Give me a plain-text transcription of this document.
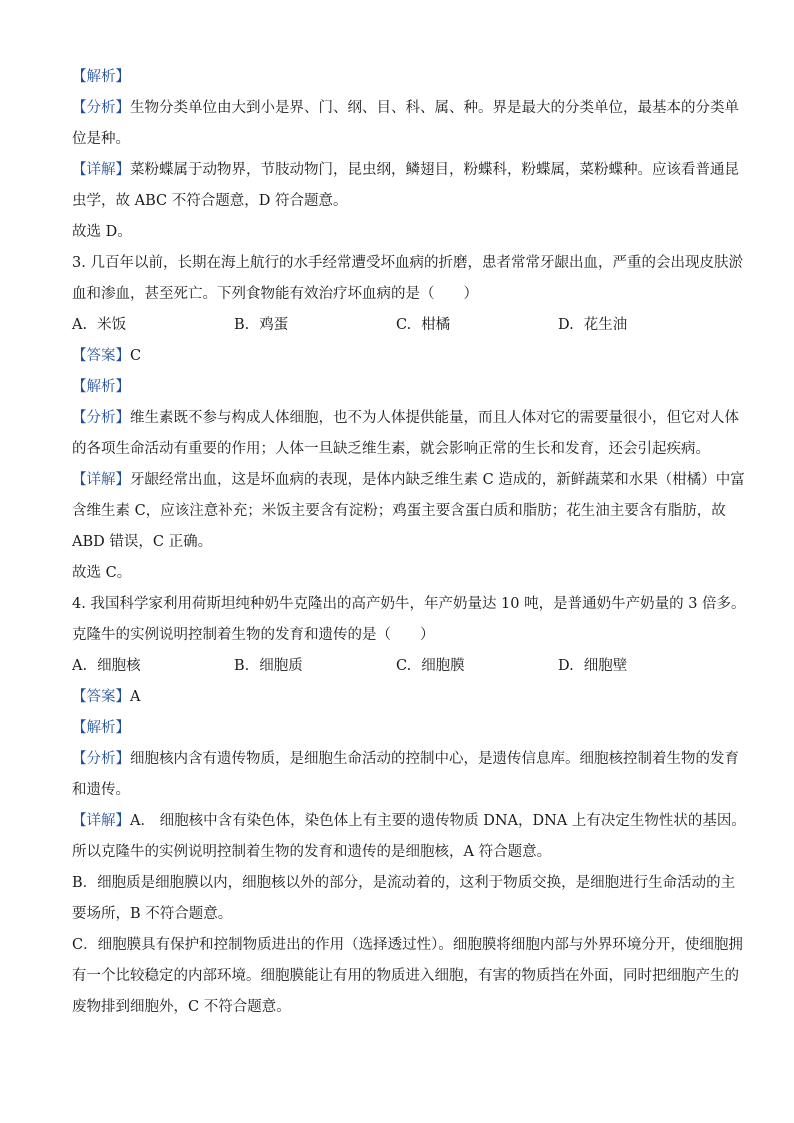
【解析】
【分析】生物分类单位由大到小是界、门、纲、目、科、属、种。界是最大的分类单位，最基本的分类单
位是种。
【详解】菜粉蝶属于动物界，节肢动物门，昆虫纲，鳞翅目，粉蝶科，粉蝶属，菜粉蝶种。应该看普通昆
虫学，故 ABC 不符合题意，D 符合题意。
故选 D。
3. 几百年以前，长期在海上航行的水手经常遭受坏血病的折磨，患者常常牙龈出血，严重的会出现皮肤淤
血和渗血，甚至死亡。下列食物能有效治疗坏血病的是（　　）
A. 米饭	B. 鸡蛋	C. 柑橘	D. 花生油
【答案】C
【解析】
【分析】维生素既不参与构成人体细胞，也不为人体提供能量，而且人体对它的需要量很小，但它对人体
的各项生命活动有重要的作用；人体一旦缺乏维生素，就会影响正常的生长和发育，还会引起疾病。
【详解】牙龈经常出血，这是坏血病的表现，是体内缺乏维生素 C 造成的，新鲜蔬菜和水果（柑橘）中富
含维生素 C，应该注意补充；米饭主要含有淀粉；鸡蛋主要含蛋白质和脂肪；花生油主要含有脂肪，故
ABD 错误，C 正确。
故选 C。
4. 我国科学家利用荷斯坦纯种奶牛克隆出的高产奶牛，年产奶量达 10 吨，是普通奶牛产奶量的 3 倍多。
克隆牛的实例说明控制着生物的发育和遗传的是（　　）
A. 细胞核	B. 细胞质	C. 细胞膜	D. 细胞壁
【答案】A
【解析】
【分析】细胞核内含有遗传物质，是细胞生命活动的控制中心，是遗传信息库。细胞核控制着生物的发育
和遗传。
【详解】A． 细胞核中含有染色体，染色体上有主要的遗传物质 DNA，DNA 上有决定生物性状的基因。
所以克隆牛的实例说明控制着生物的发育和遗传的是细胞核，A 符合题意。
B．细胞质是细胞膜以内，细胞核以外的部分，是流动着的，这利于物质交换，是细胞进行生命活动的主
要场所，B 不符合题意。
C．细胞膜具有保护和控制物质进出的作用（选择透过性）。细胞膜将细胞内部与外界环境分开，使细胞拥
有一个比较稳定的内部环境。细胞膜能让有用的物质进入细胞，有害的物质挡在外面，同时把细胞产生的
废物排到细胞外，C 不符合题意。
